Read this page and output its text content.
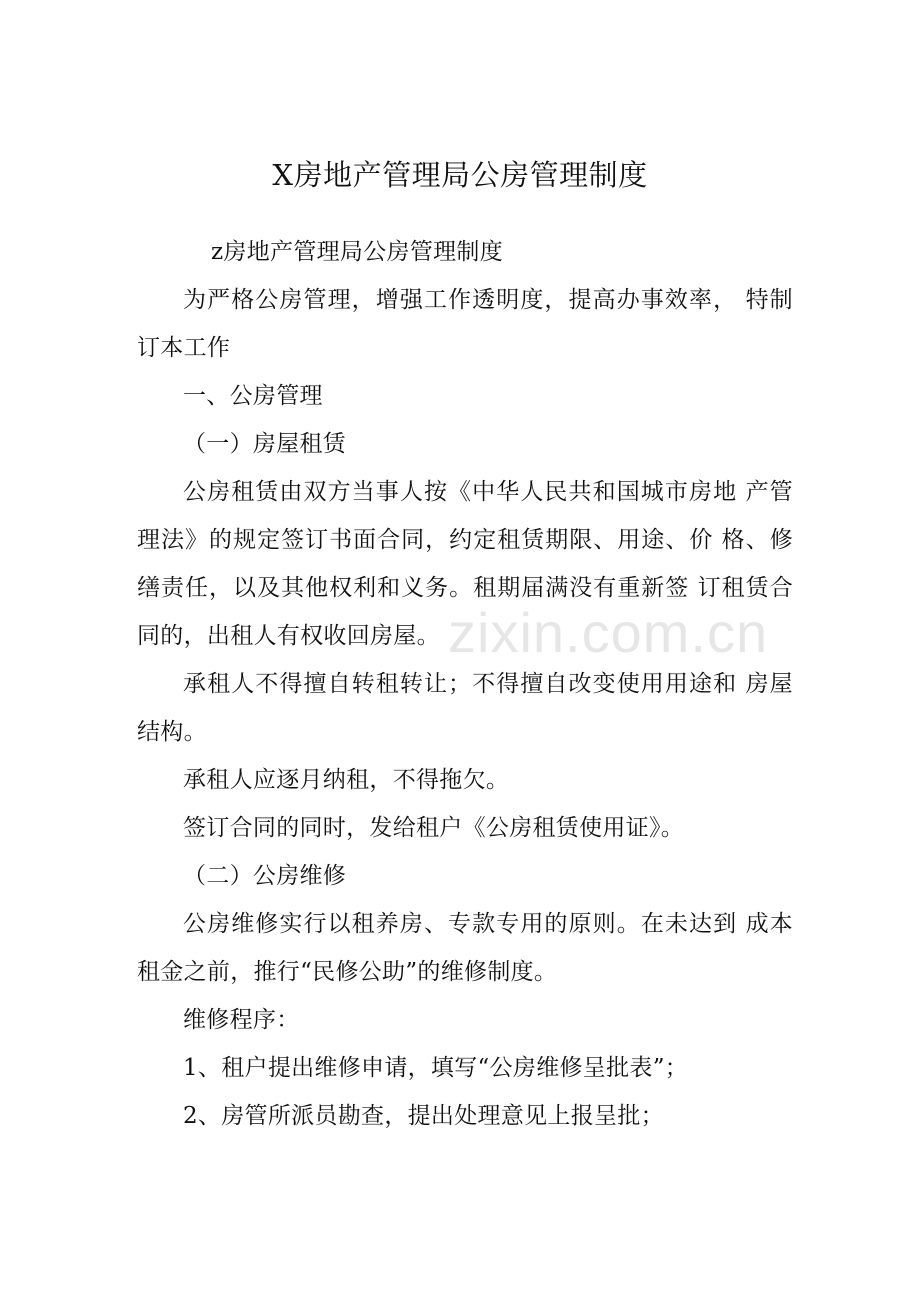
X房地产管理局公房管理制度

z房地产管理局公房管理制度

为严格公房管理，增强工作透明度，提高办事效率， 特制订本工作

一、公房管理

（一）房屋租赁

公房租赁由双方当事人按《中华人民共和国城市房地 产管理法》的规定签订书面合同，约定租赁期限、用途、价 格、修缮责任，以及其他权利和义务。租期届满没有重新签 订租赁合同的，出租人有权收回房屋。

承租人不得擅自转租转让；不得擅自改变使用用途和 房屋结构。

承租人应逐月纳租，不得拖欠。

签订合同的同时，发给租户《公房租赁使用证》。

（二）公房维修

公房维修实行以租养房、专款专用的原则。在未达到 成本租金之前，推行“民修公助”的维修制度。

维修程序：

1、租户提出维修申请，填写“公房维修呈批表”；

2、房管所派员勘查，提出处理意见上报呈批；

zixin.com.cn
